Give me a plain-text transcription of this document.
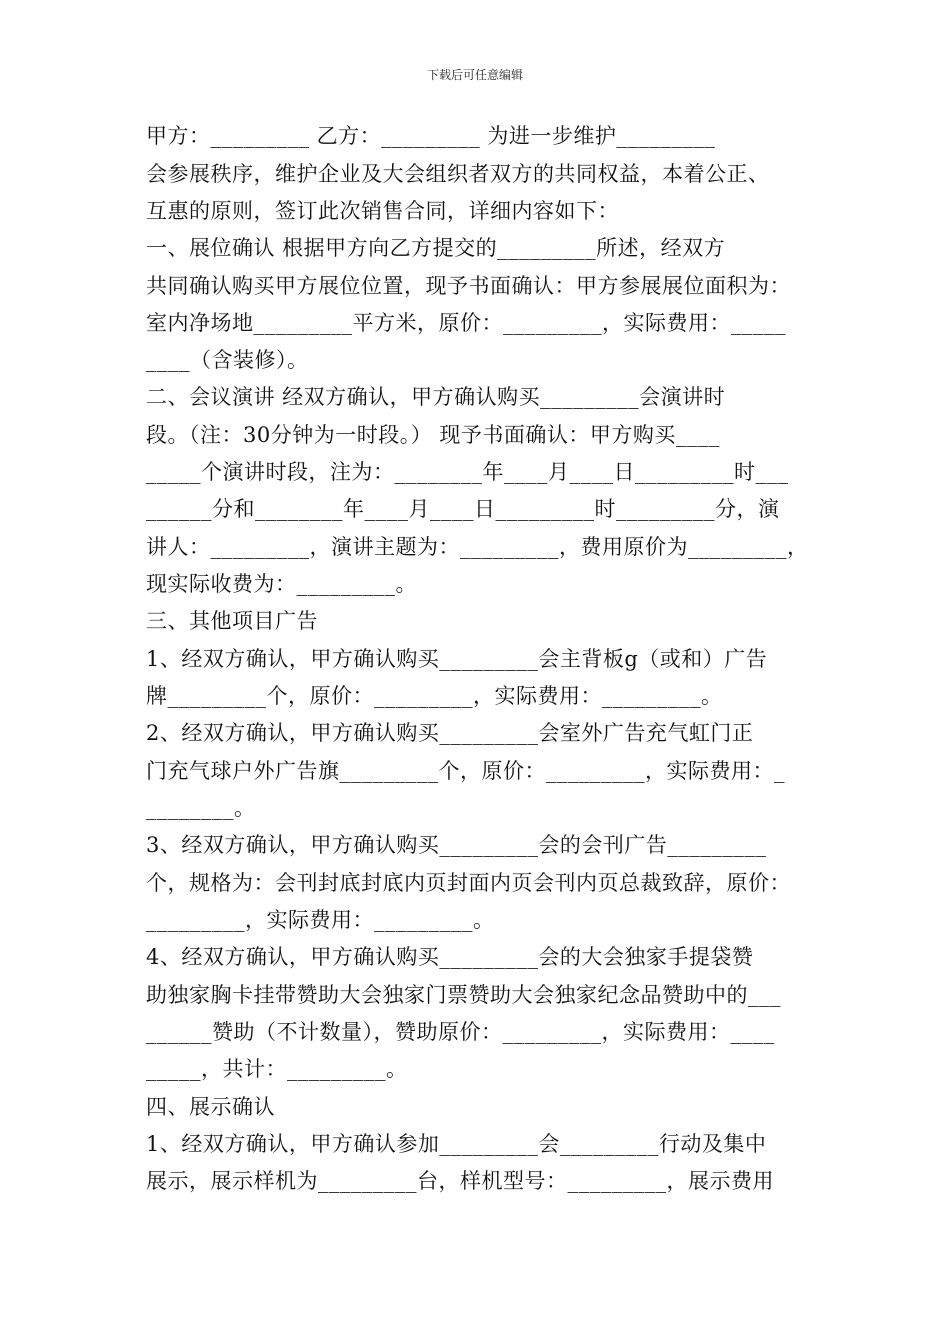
下载后可任意编辑
甲方：_________ 乙方：_________ 为进一步维护_________
会参展秩序，维护企业及大会组织者双方的共同权益，本着公正、
互惠的原则，签订此次销售合同，详细内容如下：
一、展位确认 根据甲方向乙方提交的_________所述，经双方
共同确认购买甲方展位位置，现予书面确认：甲方参展展位面积为：
室内净场地_________平方米，原价：_________，实际费用：_____
____（含装修）。
二、会议演讲 经双方确认，甲方确认购买_________会演讲时
段。（注：30分钟为一时段。） 现予书面确认：甲方购买____
_____个演讲时段，注为：________年____月____日_________时___
______分和________年____月____日_________时_________分，演
讲人：_________，演讲主题为：_________，费用原价为_________，
现实际收费为：_________。
三、其他项目广告
1、经双方确认，甲方确认购买_________会主背板g（或和）广告
牌_________个，原价：_________，实际费用：_________。
2、经双方确认，甲方确认购买_________会室外广告充气虹门正
门充气球户外广告旗_________个，原价：_________，实际费用：_
________。
3、经双方确认，甲方确认购买_________会的会刊广告_________
个，规格为：会刊封底封底内页封面内页会刊内页总裁致辞，原价：
_________，实际费用：_________。
4、经双方确认，甲方确认购买_________会的大会独家手提袋赞
助独家胸卡挂带赞助大会独家门票赞助大会独家纪念品赞助中的___
______赞助（不计数量），赞助原价：_________，实际费用：____
_____，共计：_________。
四、展示确认
1、经双方确认，甲方确认参加_________会_________行动及集中
展示，展示样机为_________台，样机型号：_________，展示费用
